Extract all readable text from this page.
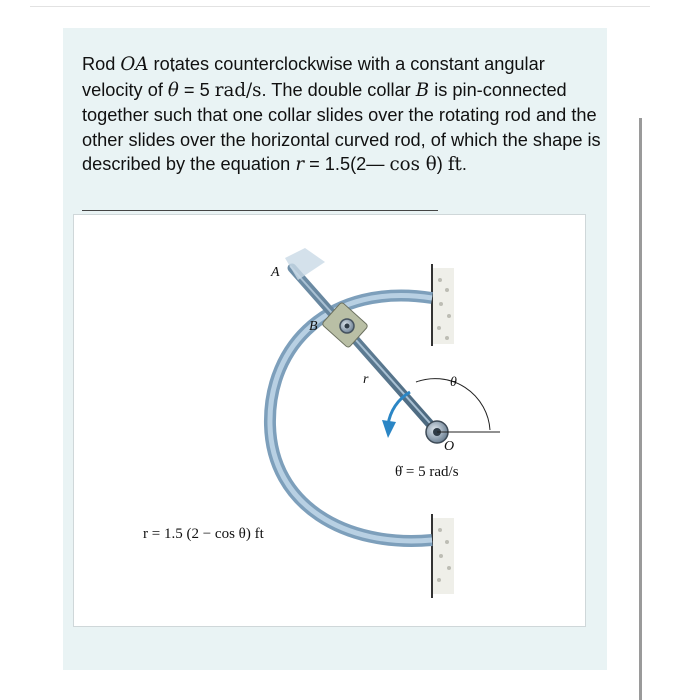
Rod OA rotates counterclockwise with a constant angular velocity of θ ˙ = 5 rad/s. The double collar B is pin-connected together such that one collar slides over the rotating rod and the other slides over the horizontal curved rod, of which the shape is described by the equation r = 1.5(2— cos θ) ft.

A
B
r	θ
O
θ̇ = 5 rad/s
r = 1.5 (2 − cos θ) ft
